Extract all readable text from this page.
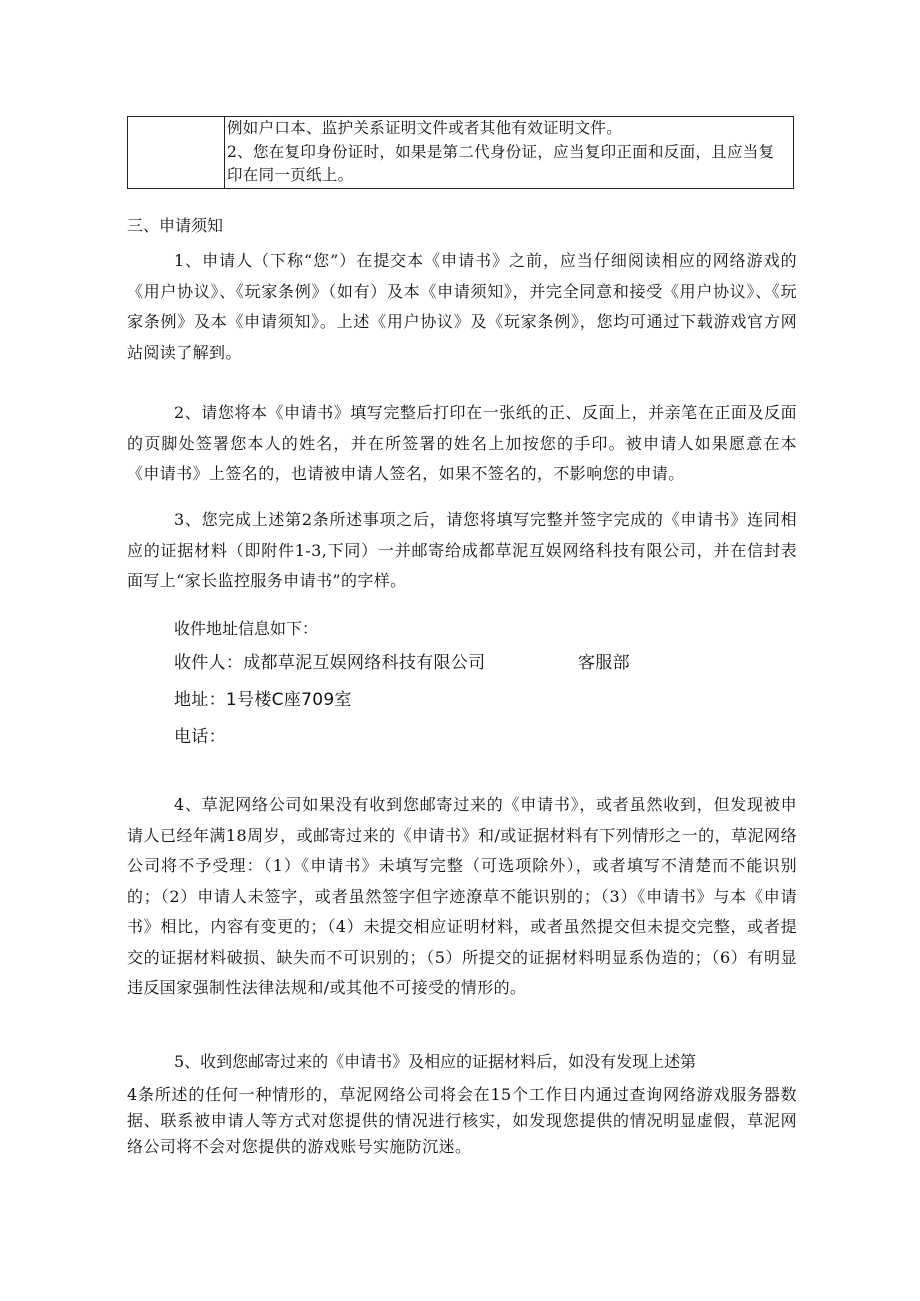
例如户口本、监护关系证明文件或者其他有效证明文件。
2、您在复印身份证时，如果是第二代身份证，应当复印正面和反面，且应当复印在同一页纸上。
三、申请须知
1、申请人（下称“您”）在提交本《申请书》之前，应当仔细阅读相应的网络游戏的《用户协议》、《玩家条例》（如有）及本《申请须知》，并完全同意和接受《用户协议》、《玩家条例》及本《申请须知》。上述《用户协议》及《玩家条例》，您均可通过下载游戏官方网站阅读了解到。
2、请您将本《申请书》填写完整后打印在一张纸的正、反面上，并亲笔在正面及反面的页脚处签署您本人的姓名，并在所签署的姓名上加按您的手印。被申请人如果愿意在本《申请书》上签名的，也请被申请人签名，如果不签名的，不影响您的申请。
3、您完成上述第2条所述事项之后，请您将填写完整并签字完成的《申请书》连同相应的证据材料（即附件1-3,下同）一并邮寄给成都草泥互娱网络科技有限公司，并在信封表面写上“家长监控服务申请书”的字样。
收件地址信息如下：
收件人：成都草泥互娱网络科技有限公司	客服部
地址：1号楼C座709室
电话：
4、草泥网络公司如果没有收到您邮寄过来的《申请书》，或者虽然收到，但发现被申请人已经年满18周岁，或邮寄过来的《申请书》和/或证据材料有下列情形之一的，草泥网络公司将不予受理：（1）《申请书》未填写完整（可选项除外），或者填写不清楚而不能识别的；（2）申请人未签字，或者虽然签字但字迹潦草不能识别的；（3）《申请书》与本《申请书》相比，内容有变更的；（4）未提交相应证明材料，或者虽然提交但未提交完整，或者提交的证据材料破损、缺失而不可识别的；（5）所提交的证据材料明显系伪造的；（6）有明显违反国家强制性法律法规和/或其他不可接受的情形的。
5、收到您邮寄过来的《申请书》及相应的证据材料后，如没有发现上述第
4条所述的任何一种情形的，草泥网络公司将会在15个工作日内通过查询网络游戏服务器数据、联系被申请人等方式对您提供的情况进行核实，如发现您提供的情况明显虚假，草泥网络公司将不会对您提供的游戏账号实施防沉迷。
